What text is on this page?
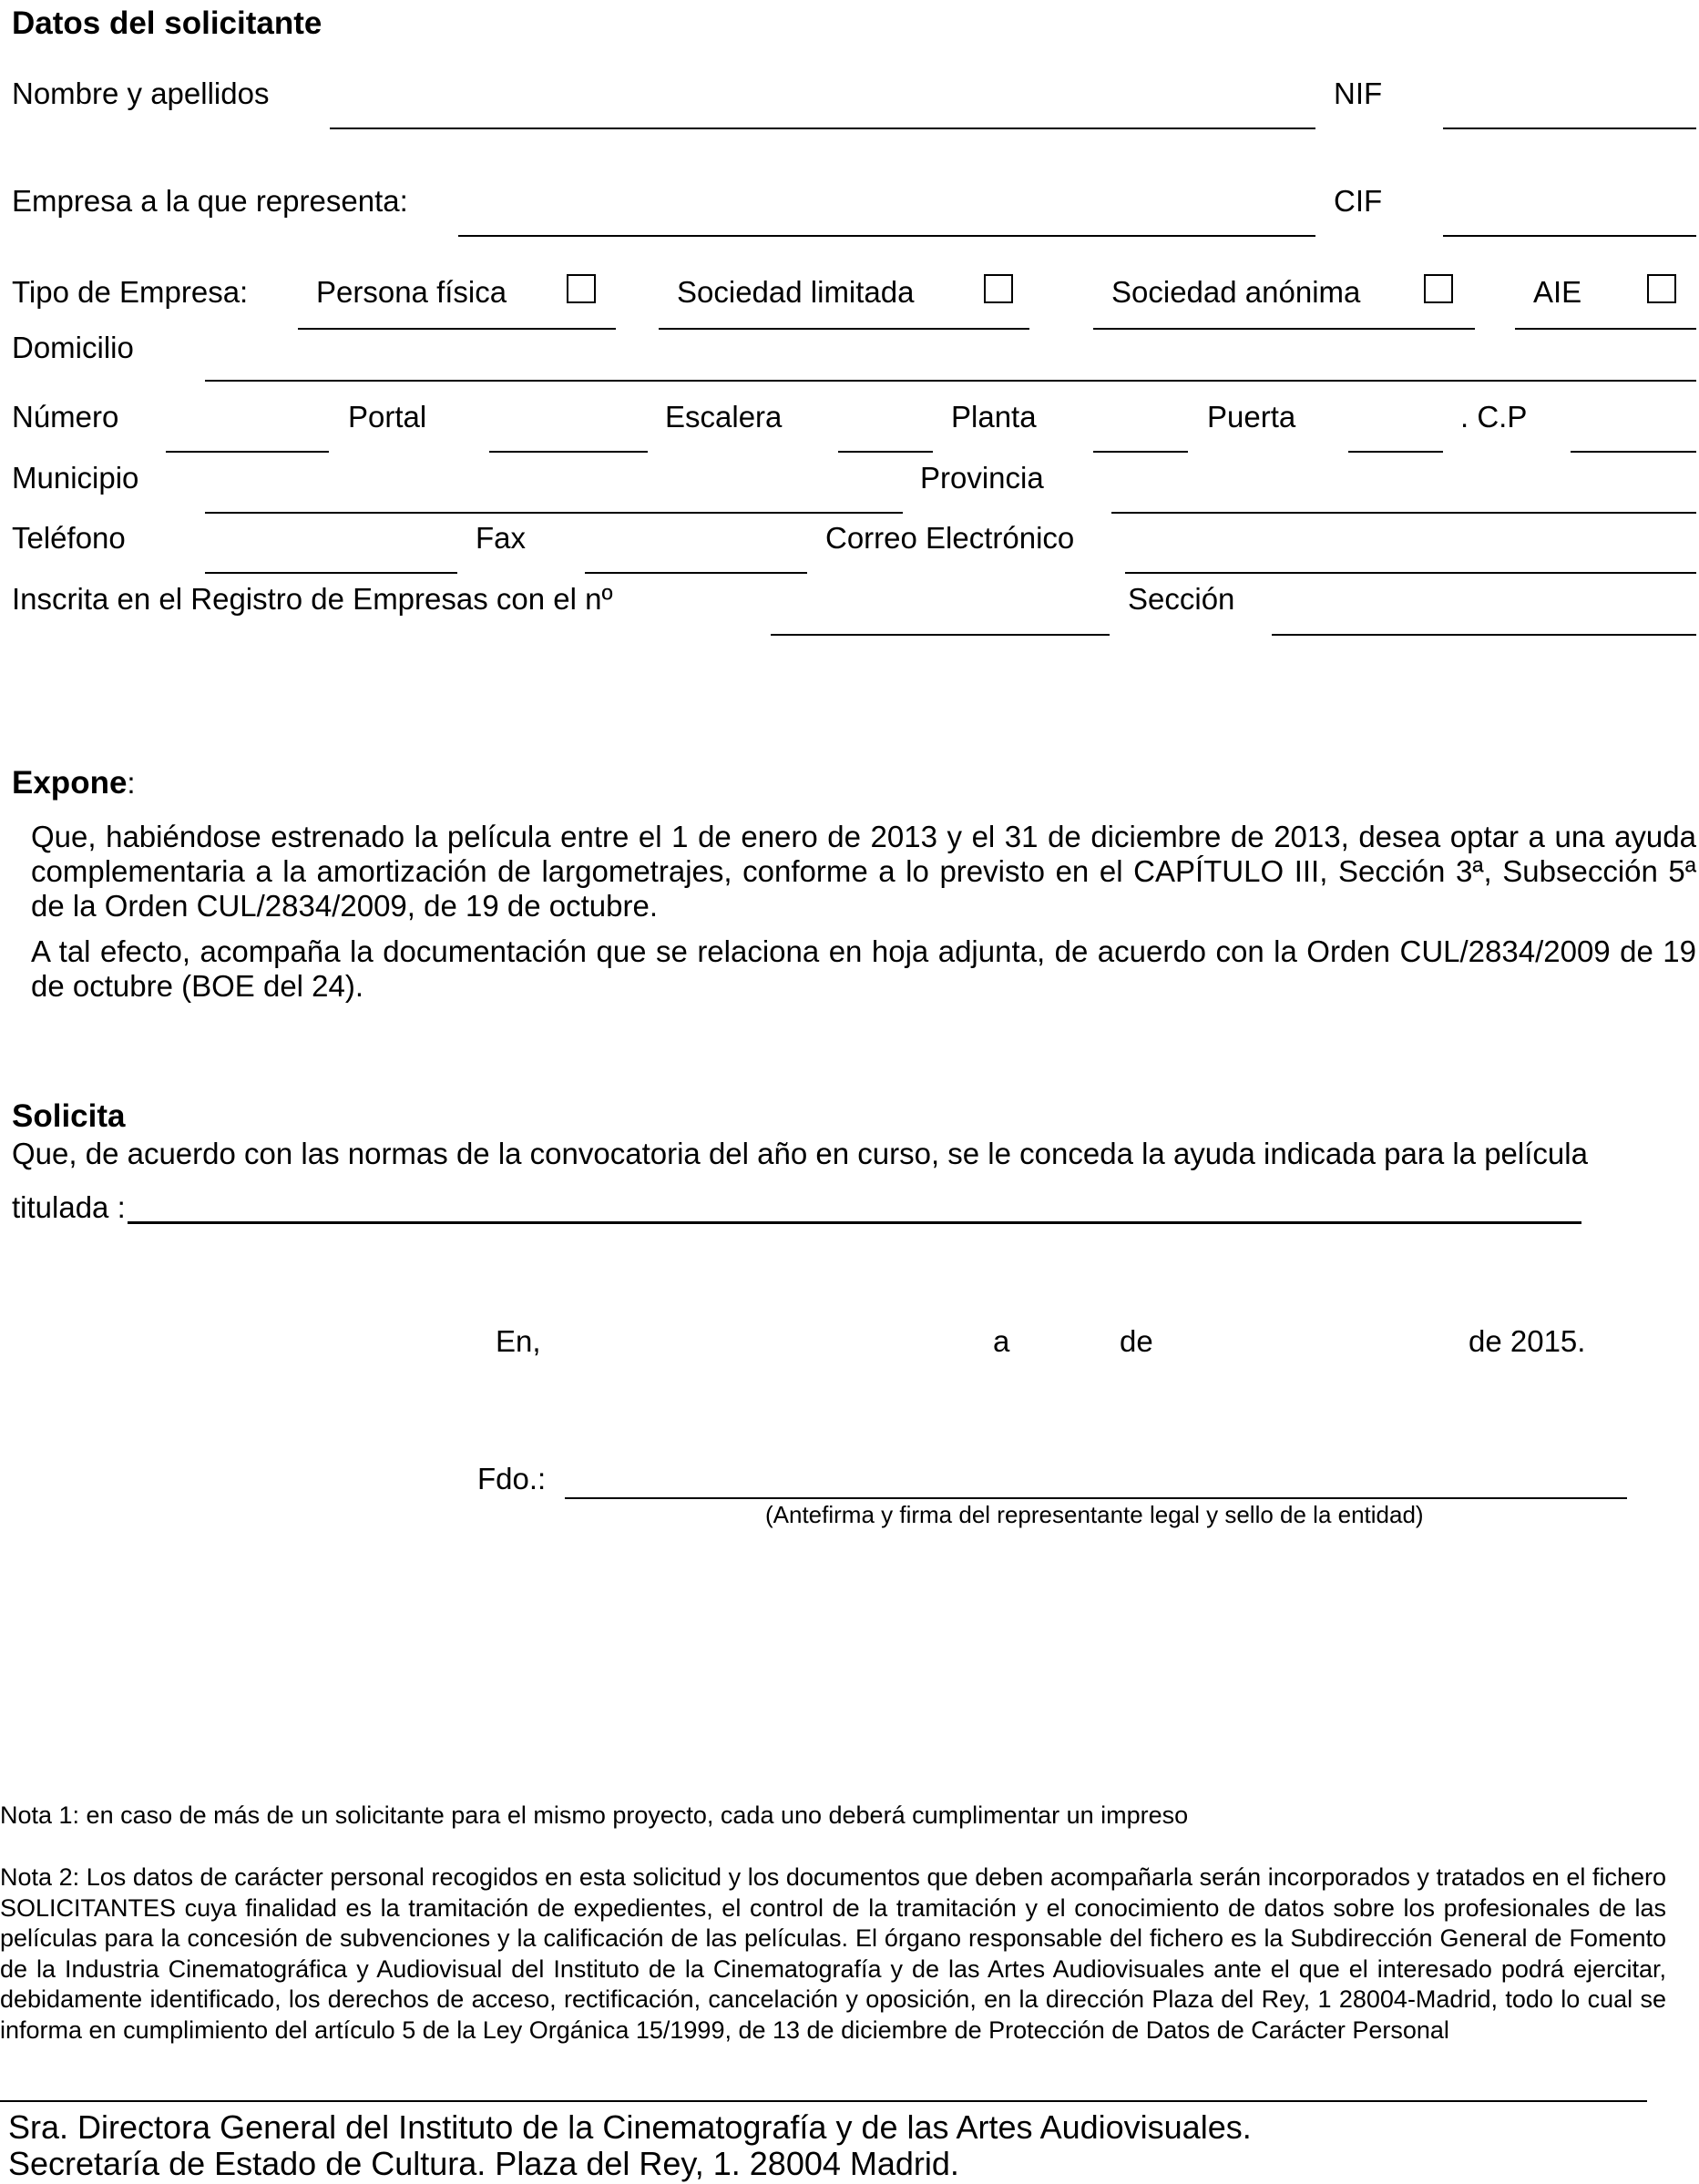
Datos del solicitante
Nombre y apellidos	NIF
Empresa a la que representa:	CIF
Tipo de Empresa: Persona física	Sociedad limitada	Sociedad anónima	AIE
Domicilio
Número	Portal	Escalera	Planta	Puerta	. C.P
Municipio	Provincia
Teléfono	Fax	Correo Electrónico
Inscrita en el Registro de Empresas con el nº	Sección
Expone:
Que, habiéndose estrenado la película entre el 1 de enero de 2013 y el 31 de diciembre de 2013, desea optar a una ayuda complementaria a la amortización de largometrajes, conforme a lo previsto en el CAPÍTULO III, Sección 3ª, Subsección 5ª de la Orden CUL/2834/2009, de 19 de octubre.
A tal efecto, acompaña la documentación que se relaciona en hoja adjunta, de acuerdo con la Orden CUL/2834/2009 de 19 de octubre (BOE del 24).
Solicita
Que, de acuerdo con las normas de la convocatoria del año en curso, se le conceda la ayuda indicada para la película
titulada :
En,	a	de	de 2015.
Fdo.:
(Antefirma y firma del representante legal y sello de la entidad)
Nota 1: en caso de más de un solicitante para el mismo proyecto, cada uno deberá cumplimentar un impreso
Nota 2: Los datos de carácter personal recogidos en esta solicitud y los documentos que deben acompañarla serán incorporados y tratados en el fichero SOLICITANTES cuya finalidad es la tramitación de expedientes, el control de la tramitación y el conocimiento de datos sobre los profesionales de las películas para la concesión de subvenciones y la calificación de las películas. El órgano responsable del fichero es la Subdirección General de Fomento de la Industria Cinematográfica y Audiovisual del Instituto de la Cinematografía y de las Artes Audiovisuales ante el que el interesado podrá ejercitar, debidamente identificado, los derechos de acceso, rectificación, cancelación y oposición, en la dirección Plaza del Rey, 1 28004-Madrid, todo lo cual se informa en cumplimiento del artículo 5 de la Ley Orgánica 15/1999, de 13 de diciembre de Protección de Datos de Carácter Personal
Sra. Directora General del Instituto de la Cinematografía y de las Artes Audiovisuales.
Secretaría de Estado de Cultura. Plaza del Rey, 1. 28004 Madrid.
